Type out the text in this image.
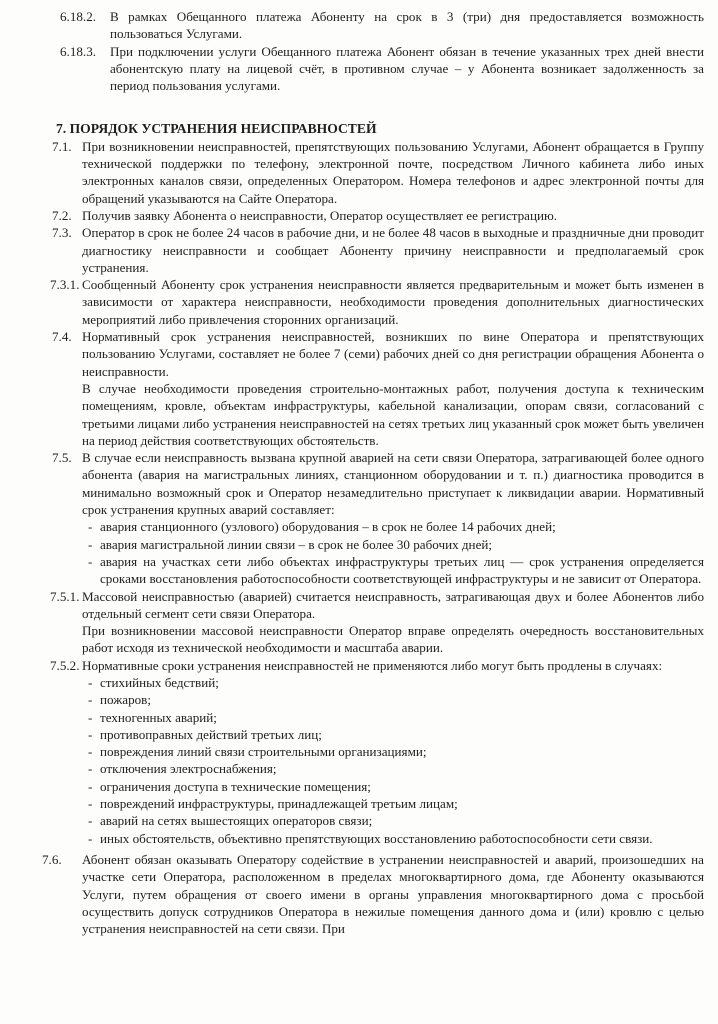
6.18.2. В рамках Обещанного платежа Абоненту на срок в 3 (три) дня предоставляется возможность пользоваться Услугами.
6.18.3. При подключении услуги Обещанного платежа Абонент обязан в течение указанных трех дней внести абонентскую плату на лицевой счёт, в противном случае – у Абонента возникает задолженность за период пользования услугами.
7. ПОРЯДОК УСТРАНЕНИЯ НЕИСПРАВНОСТЕЙ
7.1. При возникновении неисправностей, препятствующих пользованию Услугами, Абонент обращается в Группу технической поддержки по телефону, электронной почте, посредством Личного кабинета либо иных электронных каналов связи, определенных Оператором. Номера телефонов и адрес электронной почты для обращений указываются на Сайте Оператора.
7.2. Получив заявку Абонента о неисправности, Оператор осуществляет ее регистрацию.
7.3. Оператор в срок не более 24 часов в рабочие дни, и не более 48 часов в выходные и праздничные дни проводит диагностику неисправности и сообщает Абоненту причину неисправности и предполагаемый срок устранения.
7.3.1. Сообщенный Абоненту срок устранения неисправности является предварительным и может быть изменен в зависимости от характера неисправности, необходимости проведения дополнительных диагностических мероприятий либо привлечения сторонних организаций.
7.4. Нормативный срок устранения неисправностей, возникших по вине Оператора и препятствующих пользованию Услугами, составляет не более 7 (семи) рабочих дней со дня регистрации обращения Абонента о неисправности.
В случае необходимости проведения строительно-монтажных работ, получения доступа к техническим помещениям, кровле, объектам инфраструктуры, кабельной канализации, опорам связи, согласований с третьими лицами либо устранения неисправностей на сетях третьих лиц указанный срок может быть увеличен на период действия соответствующих обстоятельств.
7.5. В случае если неисправность вызвана крупной аварией на сети связи Оператора, затрагивающей более одного абонента (авария на магистральных линиях, станционном оборудовании и т. п.) диагностика проводится в минимально возможный срок и Оператор незамедлительно приступает к ликвидации аварии. Нормативный срок устранения крупных аварий составляет:
- авария станционного (узлового) оборудования – в срок не более 14 рабочих дней;
- авария магистральной линии связи – в срок не более 30 рабочих дней;
- авария на участках сети либо объектах инфраструктуры третьих лиц — срок устранения определяется сроками восстановления работоспособности соответствующей инфраструктуры и не зависит от Оператора.
7.5.1. Массовой неисправностью (аварией) считается неисправность, затрагивающая двух и более Абонентов либо отдельный сегмент сети связи Оператора.
При возникновении массовой неисправности Оператор вправе определять очередность восстановительных работ исходя из технической необходимости и масштаба аварии.
7.5.2. Нормативные сроки устранения неисправностей не применяются либо могут быть продлены в случаях:
- стихийных бедствий;
- пожаров;
- техногенных аварий;
- противоправных действий третьих лиц;
- повреждения линий связи строительными организациями;
- отключения электроснабжения;
- ограничения доступа в технические помещения;
- повреждений инфраструктуры, принадлежащей третьим лицам;
- аварий на сетях вышестоящих операторов связи;
- иных обстоятельств, объективно препятствующих восстановлению работоспособности сети связи.
7.6. Абонент обязан оказывать Оператору содействие в устранении неисправностей и аварий, произошедших на участке сети Оператора, расположенном в пределах многоквартирного дома, где Абоненту оказываются Услуги, путем обращения от своего имени в органы управления многоквартирного дома с просьбой осуществить допуск сотрудников Оператора в нежилые помещения данного дома и (или) кровлю с целью устранения неисправностей на сети связи. При
